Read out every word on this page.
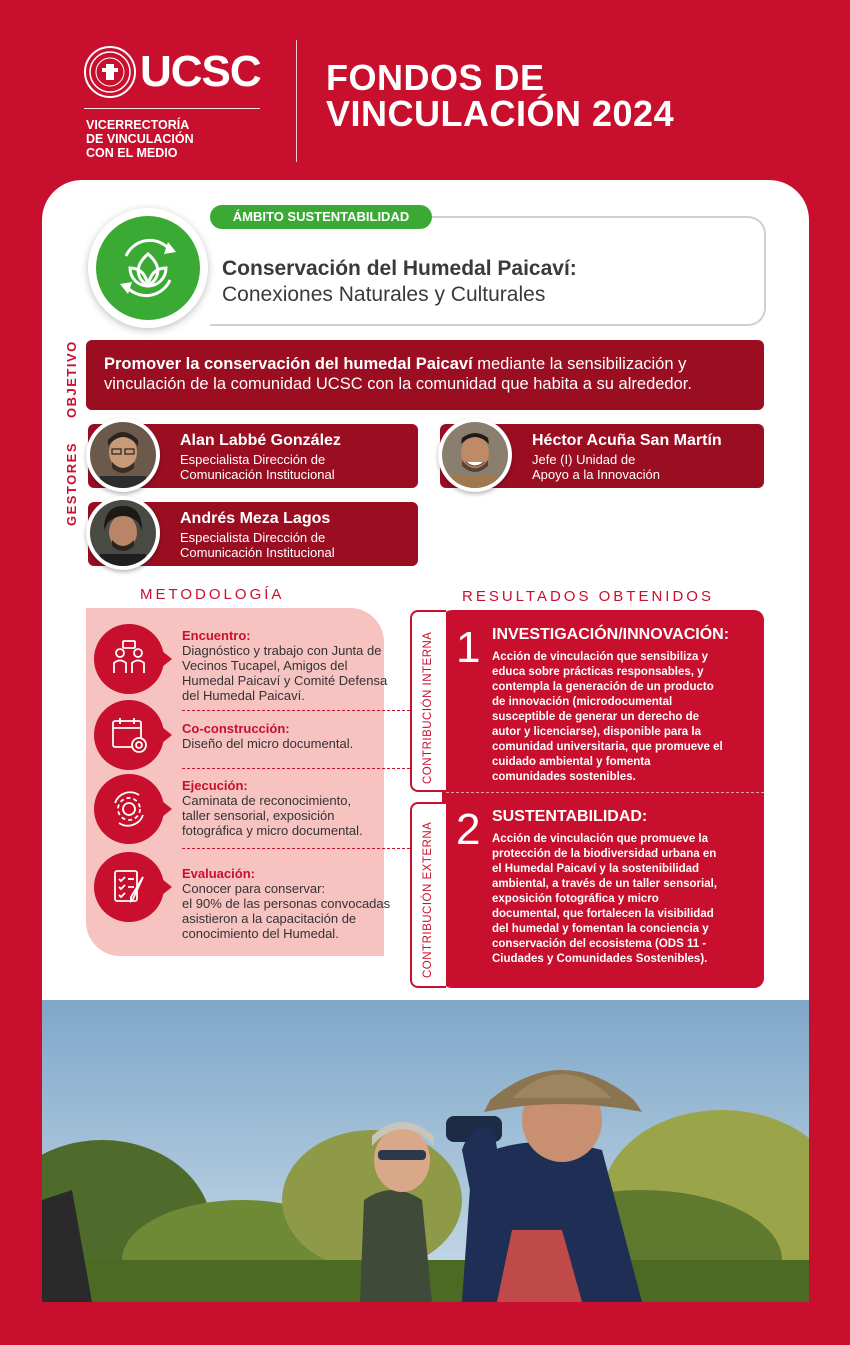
UCSC
VICERRECTORÍA
DE VINCULACIÓN
CON EL MEDIO
FONDOS DE
VINCULACIÓN 2024
ÁMBITO SUSTENTABILIDAD
Conservación del Humedal Paicaví:
Conexiones Naturales y Culturales
OBJETIVO	Promover la conservación del humedal Paicaví mediante la sensibilización y vinculación de la comunidad UCSC con la comunidad que habita a su alrededor.
GESTORES
Alan Labbé González
Especialista Dirección de
Comunicación Institucional
Héctor Acuña San Martín
Jefe (I) Unidad de
Apoyo a la Innovación
Andrés Meza Lagos
Especialista Dirección de
Comunicación Institucional
METODOLOGÍA
Encuentro:
Diagnóstico y trabajo con Junta de
Vecinos Tucapel, Amigos del
Humedal Paicaví y Comité Defensa
del Humedal Paicaví.
Co-construcción:
Diseño del micro documental.
Ejecución:
Caminata de reconocimiento,
taller sensorial, exposición
fotográfica y micro documental.
Evaluación:
Conocer para conservar:
el 90% de las personas convocadas
asistieron a la capacitación de
conocimiento del Humedal.
RESULTADOS OBTENIDOS
CONTRIBUCIÓN INTERNA
CONTRIBUCIÓN EXTERNA
1 INVESTIGACIÓN/INNOVACIÓN:
Acción de vinculación que sensibiliza y
educa sobre prácticas responsables, y
contempla la generación de un producto
de innovación (microdocumental
susceptible de generar un derecho de
autor y licenciarse), disponible para la
comunidad universitaria, que promueve el
cuidado ambiental y fomenta
comunidades sostenibles.
2 SUSTENTABILIDAD:
Acción de vinculación que promueve la
protección de la biodiversidad urbana en
el Humedal Paicaví y la sostenibilidad
ambiental, a través de un taller sensorial,
exposición fotográfica y micro
documental, que fortalecen la visibilidad
del humedal y fomentan la conciencia y
conservación del ecosistema (ODS 11 -
Ciudades y Comunidades Sostenibles).
